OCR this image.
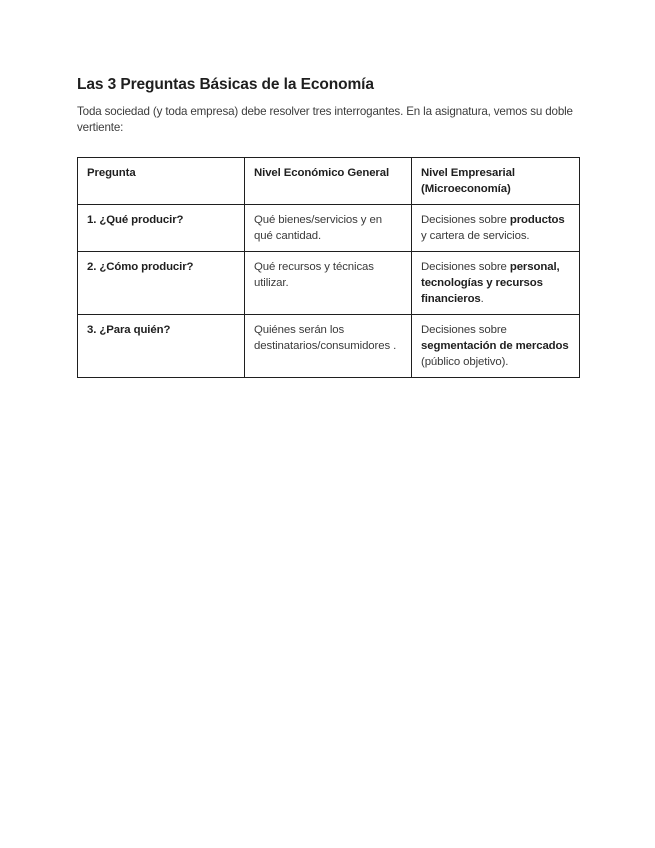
Las 3 Preguntas Básicas de la Economía
Toda sociedad (y toda empresa) debe resolver tres interrogantes. En la asignatura, vemos su doble vertiente:
Pregunta	Nivel Económico General	Nivel Empresarial (Microeconomía)
1. ¿Qué producir?	Qué bienes/servicios y en qué cantidad.	Decisiones sobre productos y cartera de servicios.
2. ¿Cómo producir?	Qué recursos y técnicas utilizar.	Decisiones sobre personal, tecnologías y recursos financieros.
3. ¿Para quién?	Quiénes serán los destinatarios/consumidores .	Decisiones sobre segmentación de mercados (público objetivo).
